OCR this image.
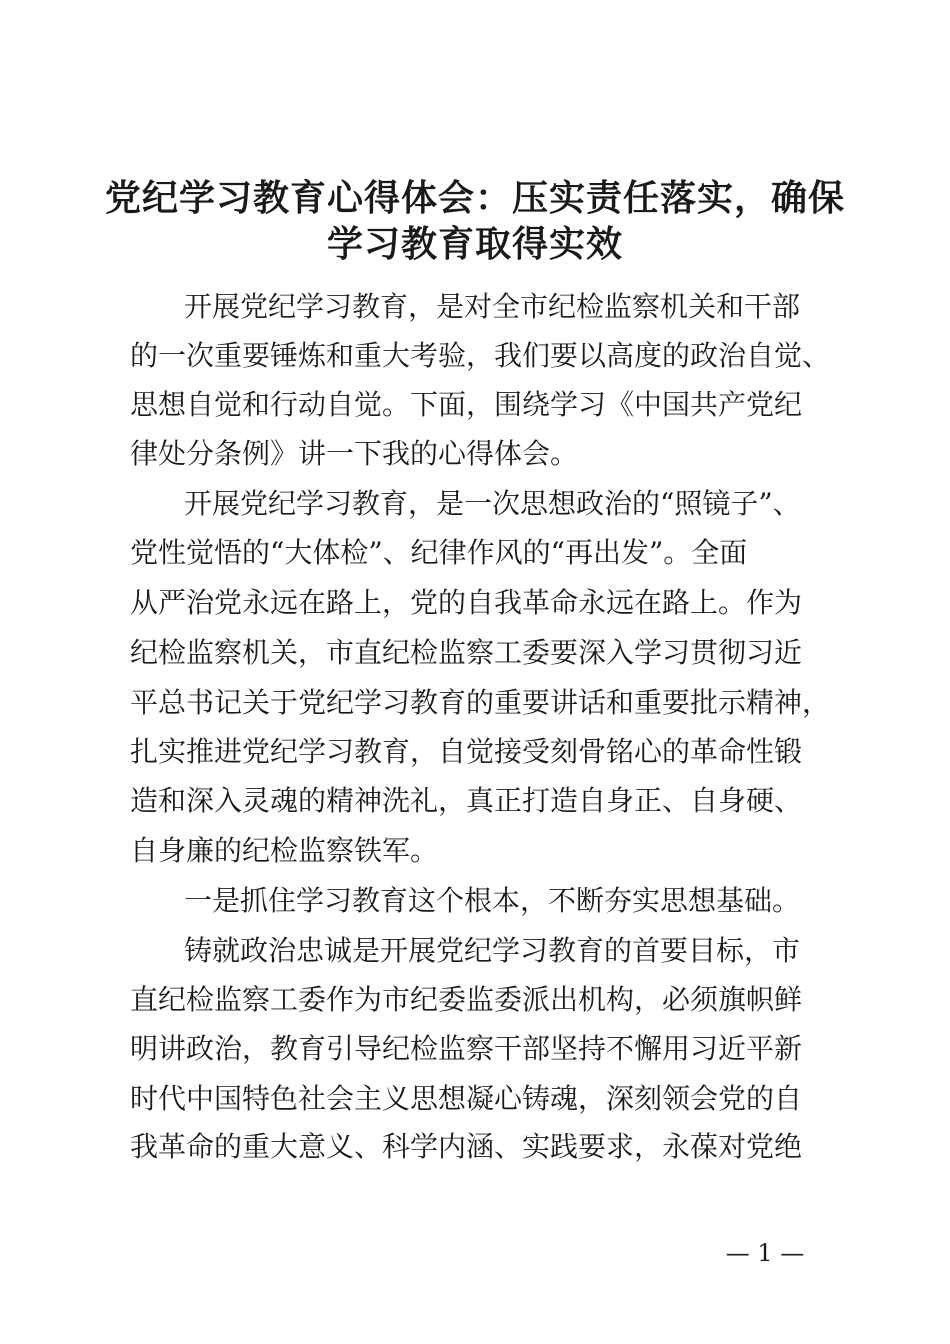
党纪学习教育心得体会：压实责任落实，确保
学习教育取得实效

开展党纪学习教育，是对全市纪检监察机关和干部

的一次重要锤炼和重大考验，我们要以高度的政治自觉、

思想自觉和行动自觉。下面，围绕学习《中国共产党纪

律处分条例》讲一下我的心得体会。

开展党纪学习教育，是一次思想政治的“照镜子”、

党性觉悟的“大体检”、纪律作风的“再出发”。全面

从严治党永远在路上，党的自我革命永远在路上。作为

纪检监察机关，市直纪检监察工委要深入学习贯彻习近

平总书记关于党纪学习教育的重要讲话和重要批示精神，

扎实推进党纪学习教育，自觉接受刻骨铭心的革命性锻

造和深入灵魂的精神洗礼，真正打造自身正、自身硬、

自身廉的纪检监察铁军。

一是抓住学习教育这个根本，不断夯实思想基础。

铸就政治忠诚是开展党纪学习教育的首要目标，市

直纪检监察工委作为市纪委监委派出机构，必须旗帜鲜

明讲政治，教育引导纪检监察干部坚持不懈用习近平新

时代中国特色社会主义思想凝心铸魂，深刻领会党的自

我革命的重大意义、科学内涵、实践要求，永葆对党绝

— 1 —
